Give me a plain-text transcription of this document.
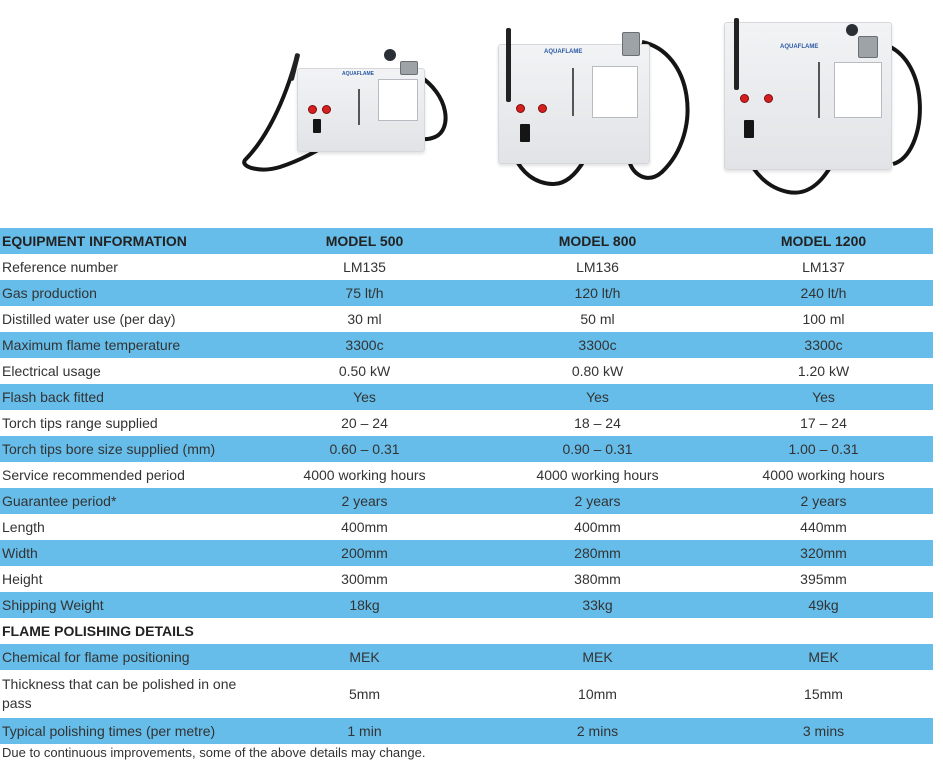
AQUAFLAME
AQUAFLAME
AQUAFLAME
EQUIPMENT INFORMATION	MODEL 500	MODEL 800	MODEL 1200
Reference number	LM135	LM136	LM137
Gas production	75 lt/h	120 lt/h	240 lt/h
Distilled water use (per day)	30 ml	50 ml	100 ml
Maximum flame temperature	3300c	3300c	3300c
Electrical usage	0.50 kW	0.80 kW	1.20 kW
Flash back fitted	Yes	Yes	Yes
Torch tips range supplied	20 – 24	18 – 24	17 – 24
Torch tips bore size supplied (mm)	0.60 – 0.31	0.90 – 0.31	1.00 – 0.31
Service recommended period	4000 working hours	4000 working hours	4000 working hours
Guarantee period*	2 years	2 years	2 years
Length	400mm	400mm	440mm
Width	200mm	280mm	320mm
Height	300mm	380mm	395mm
Shipping Weight	18kg	33kg	49kg
FLAME POLISHING DETAILS			
Chemical for flame positioning	MEK	MEK	MEK
Thickness that can be polished in one pass	5mm	10mm	15mm
Typical polishing times (per metre)	1 min	2 mins	3 mins
Due to continuous improvements, some of the above details may change.
